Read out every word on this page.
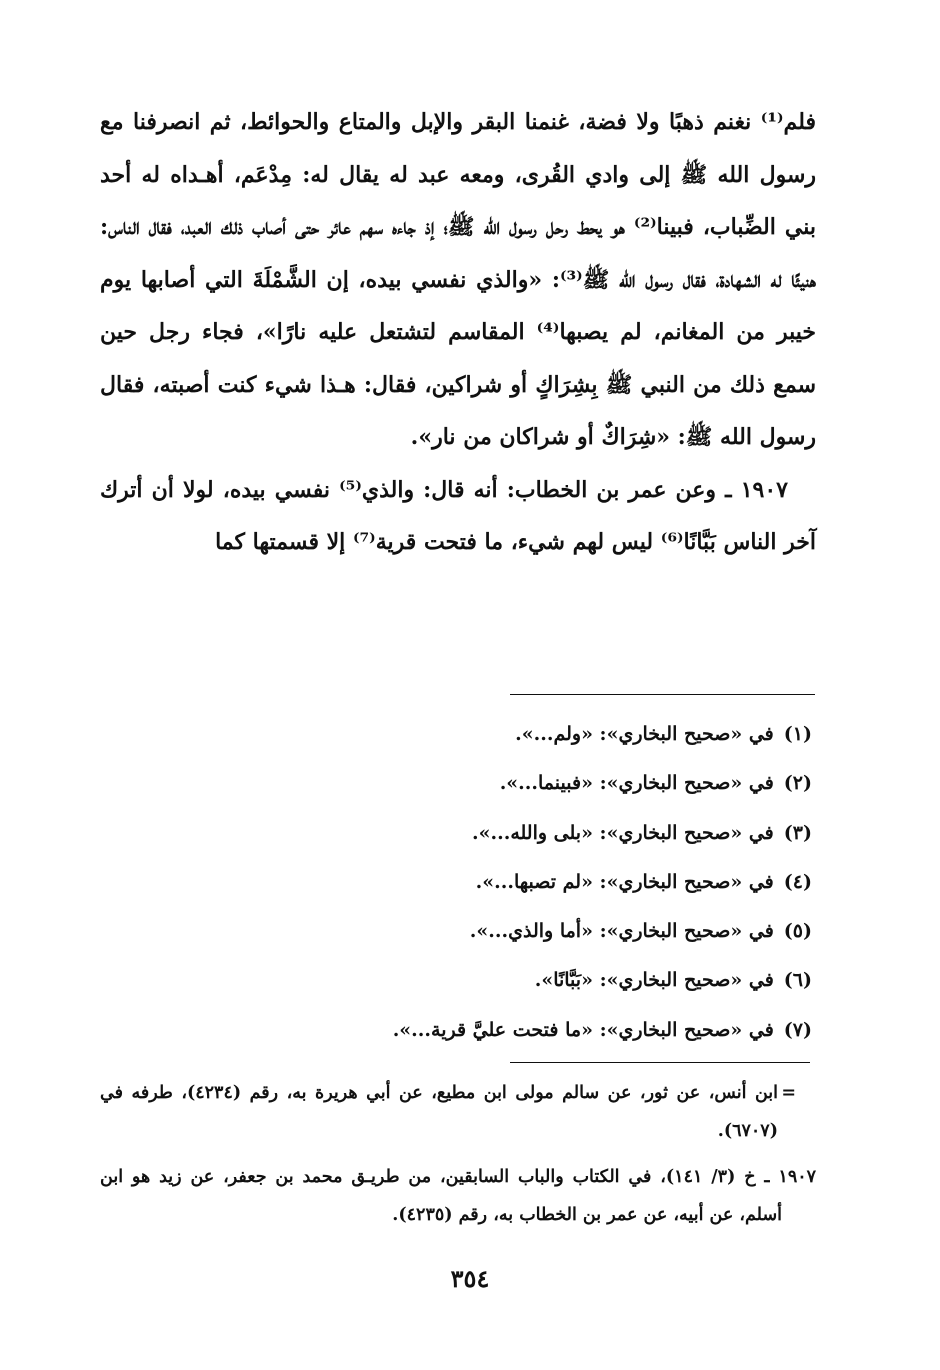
فلم⁽¹⁾ نغنم ذهبًا ولا فضة، غنمنا البقر والإبل والمتاع والحوائط، ثم انصرفنا مع رسول الله ﷺ إلى وادي القُرى، ومعه عبد له يقال له: مِدْعَم، أهـداه له أحد بني الضِّباب، فبينا⁽²⁾ هو يحط رحل رسول الله ﷺ؛ إذ جاءه سهم عائر حتى أصاب ذلك العبد، فقال الناس: هنيئًا له الشهادة، فقال رسول الله ﷺ⁽³⁾: «والذي نفسي بيده، إن الشَّمْلَةَ التي أصابها يوم خيبر من المغانم، لم يصبها⁽⁴⁾ المقاسم لتشتعل عليه نارًا»، فجاء رجل حين سمع ذلك من النبي ﷺ بِشِرَاكٍ أو شراكين، فقال: هـذا شيء كنت أصبته، فقال رسول الله ﷺ: «شِرَاكٌ أو شراكان من نار».

١٩٠٧ ـ وعن عمر بن الخطاب: أنه قال: والذي⁽⁵⁾ نفسي بيده، لولا أن أترك آخر الناس بَبَّانًا⁽⁶⁾ ليس لهم شيء، ما فتحت قرية⁽⁷⁾ إلا قسمتها كما

(١)في «صحيح البخاري»: «ولم...».
(٢)في «صحيح البخاري»: «فبينما...».
(٣)في «صحيح البخاري»: «بلى والله...».
(٤)في «صحيح البخاري»: «لم تصبها...».
(٥)في «صحيح البخاري»: «أما والذي...».
(٦)في «صحيح البخاري»: «بَبَّانًا».
(٧)في «صحيح البخاري»: «ما فتحت عليَّ قرية...».
=
ابن أنس، عن ثور، عن سالم مولى ابن مطيع، عن أبي هريرة به، رقم (٤٢٣٤)، طرفه في (٦٧٠٧).
١٩٠٧ ـ خ (٣/ ١٤١)، في الكتاب والباب السابقين، من طريـق محمد بن جعفر، عن زيد هو ابن أسلم، عن أبيه، عن عمر بن الخطاب به، رقم (٤٢٣٥).
٣٥٤
